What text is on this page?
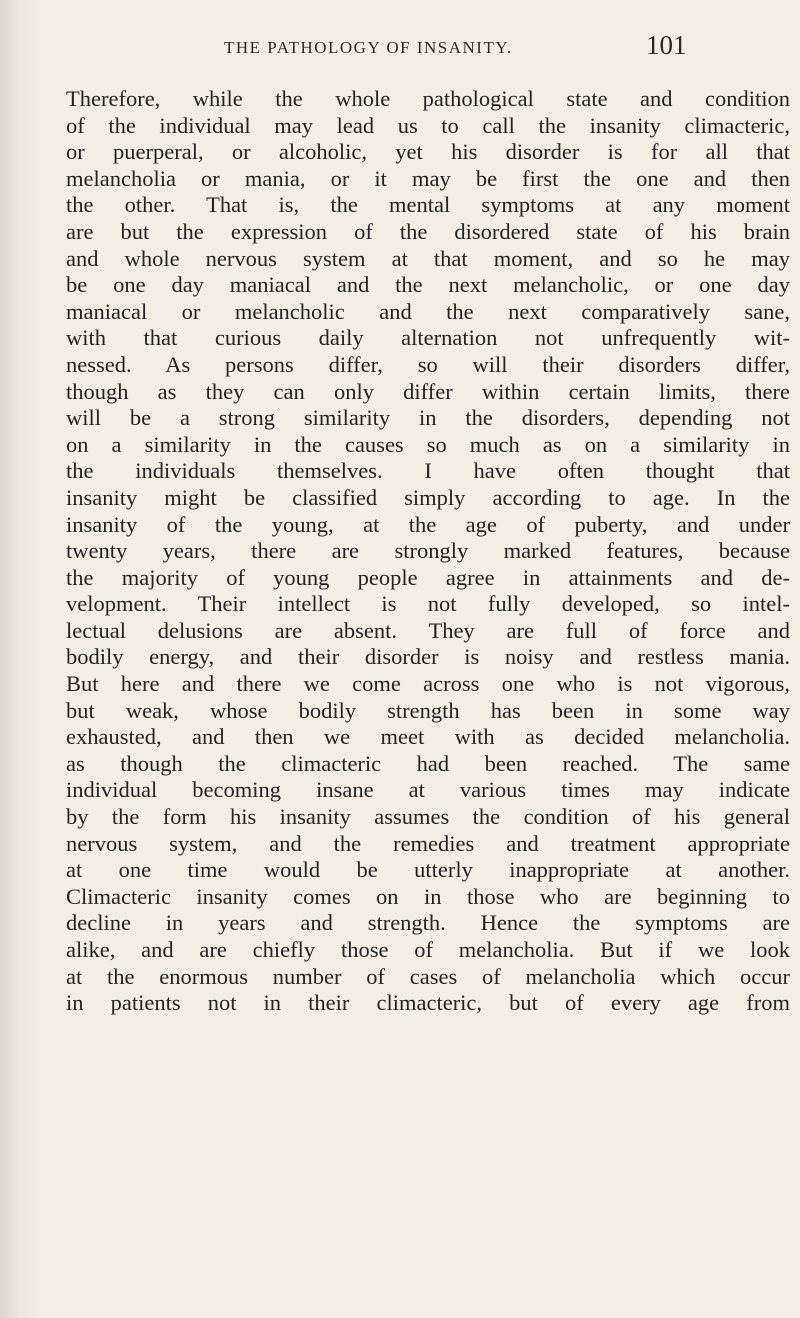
THE PATHOLOGY OF INSANITY.	101
Therefore, while the whole pathological state and condition
of the individual may lead us to call the insanity climacteric,
or puerperal, or alcoholic, yet his disorder is for all that
melancholia or mania, or it may be first the one and then
the other. That is, the mental symptoms at any moment
are but the expression of the disordered state of his brain
and whole nervous system at that moment, and so he may
be one day maniacal and the next melancholic, or one day
maniacal or melancholic and the next comparatively sane,
with that curious daily alternation not unfrequently wit-
nessed. As persons differ, so will their disorders differ,
though as they can only differ within certain limits, there
will be a strong similarity in the disorders, depending not
on a similarity in the causes so much as on a similarity in
the individuals themselves. I have often thought that
insanity might be classified simply according to age. In the
insanity of the young, at the age of puberty, and under
twenty years, there are strongly marked features, because
the majority of young people agree in attainments and de-
velopment. Their intellect is not fully developed, so intel-
lectual delusions are absent. They are full of force and
bodily energy, and their disorder is noisy and restless mania.
But here and there we come across one who is not vigorous,
but weak, whose bodily strength has been in some way
exhausted, and then we meet with as decided melancholia.
as though the climacteric had been reached. The same
individual becoming insane at various times may indicate
by the form his insanity assumes the condition of his general
nervous system, and the remedies and treatment appropriate
at one time would be utterly inappropriate at another.
Climacteric insanity comes on in those who are beginning to
decline in years and strength. Hence the symptoms are
alike, and are chiefly those of melancholia. But if we look
at the enormous number of cases of melancholia which occur
in patients not in their climacteric, but of every age from
